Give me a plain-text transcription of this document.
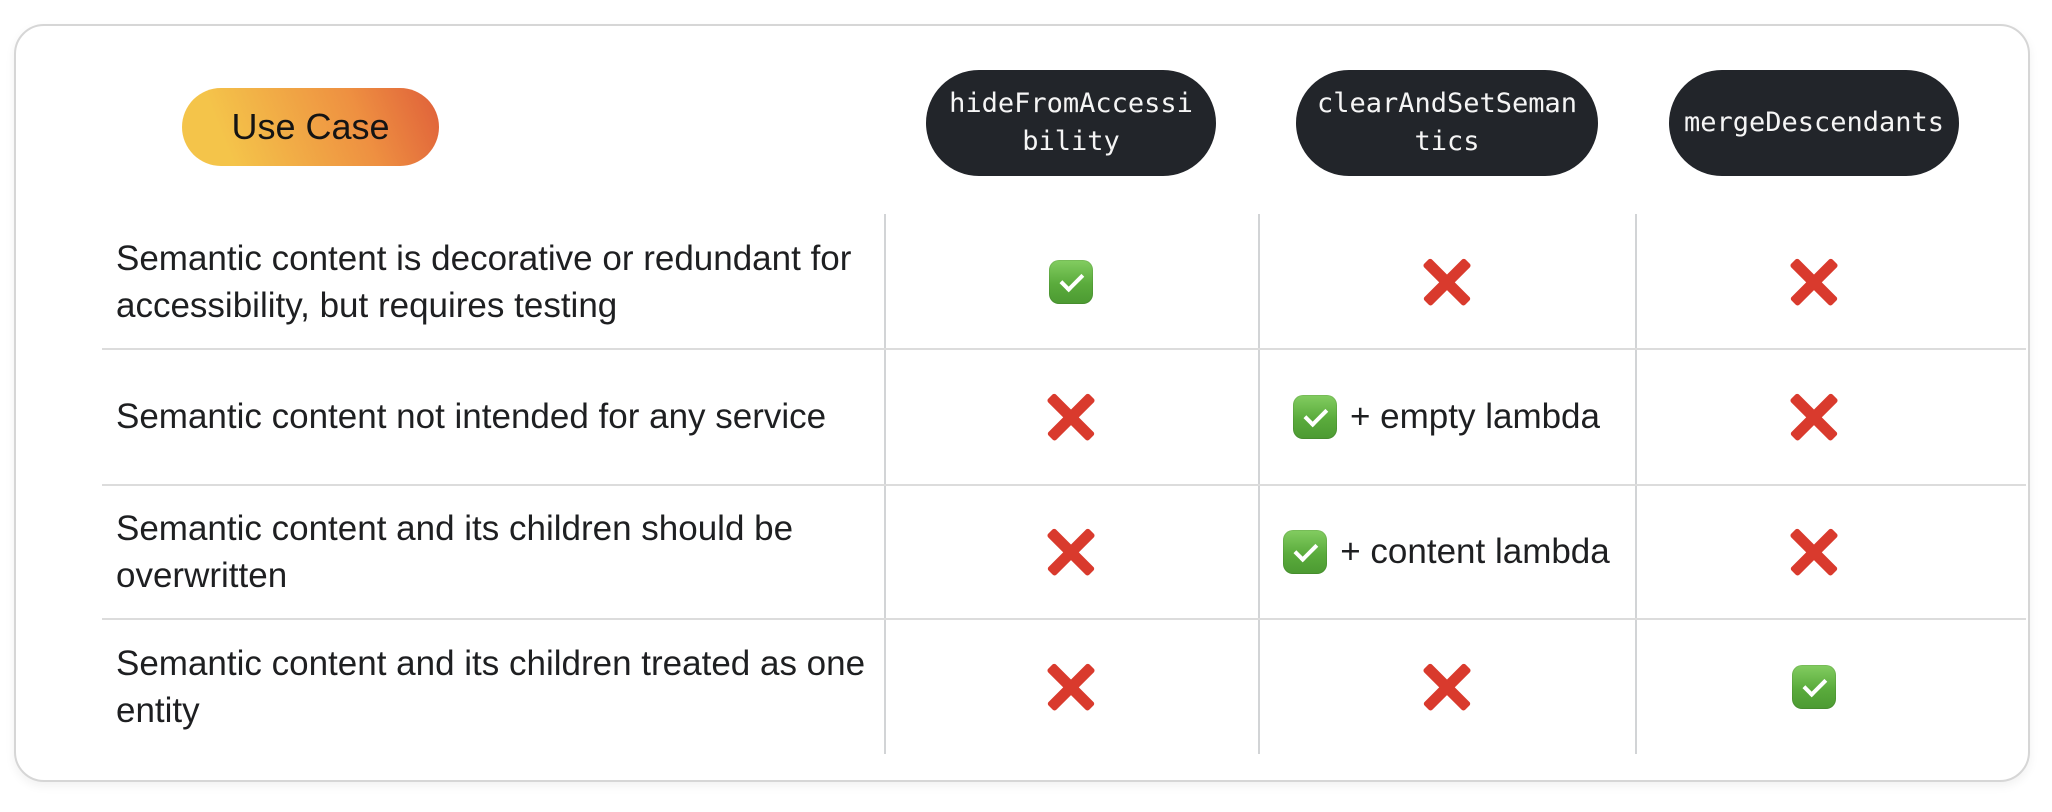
Use Case
hideFromAccessibility
clearAndSetSemantics
mergeDescendants
Semantic content is decorative or redundant for accessibility, but requires testing
Semantic content not intended for any service	+ empty lambda
Semantic content and its children should be overwritten
+ content lambda
Semantic content and its children treated as one entity
